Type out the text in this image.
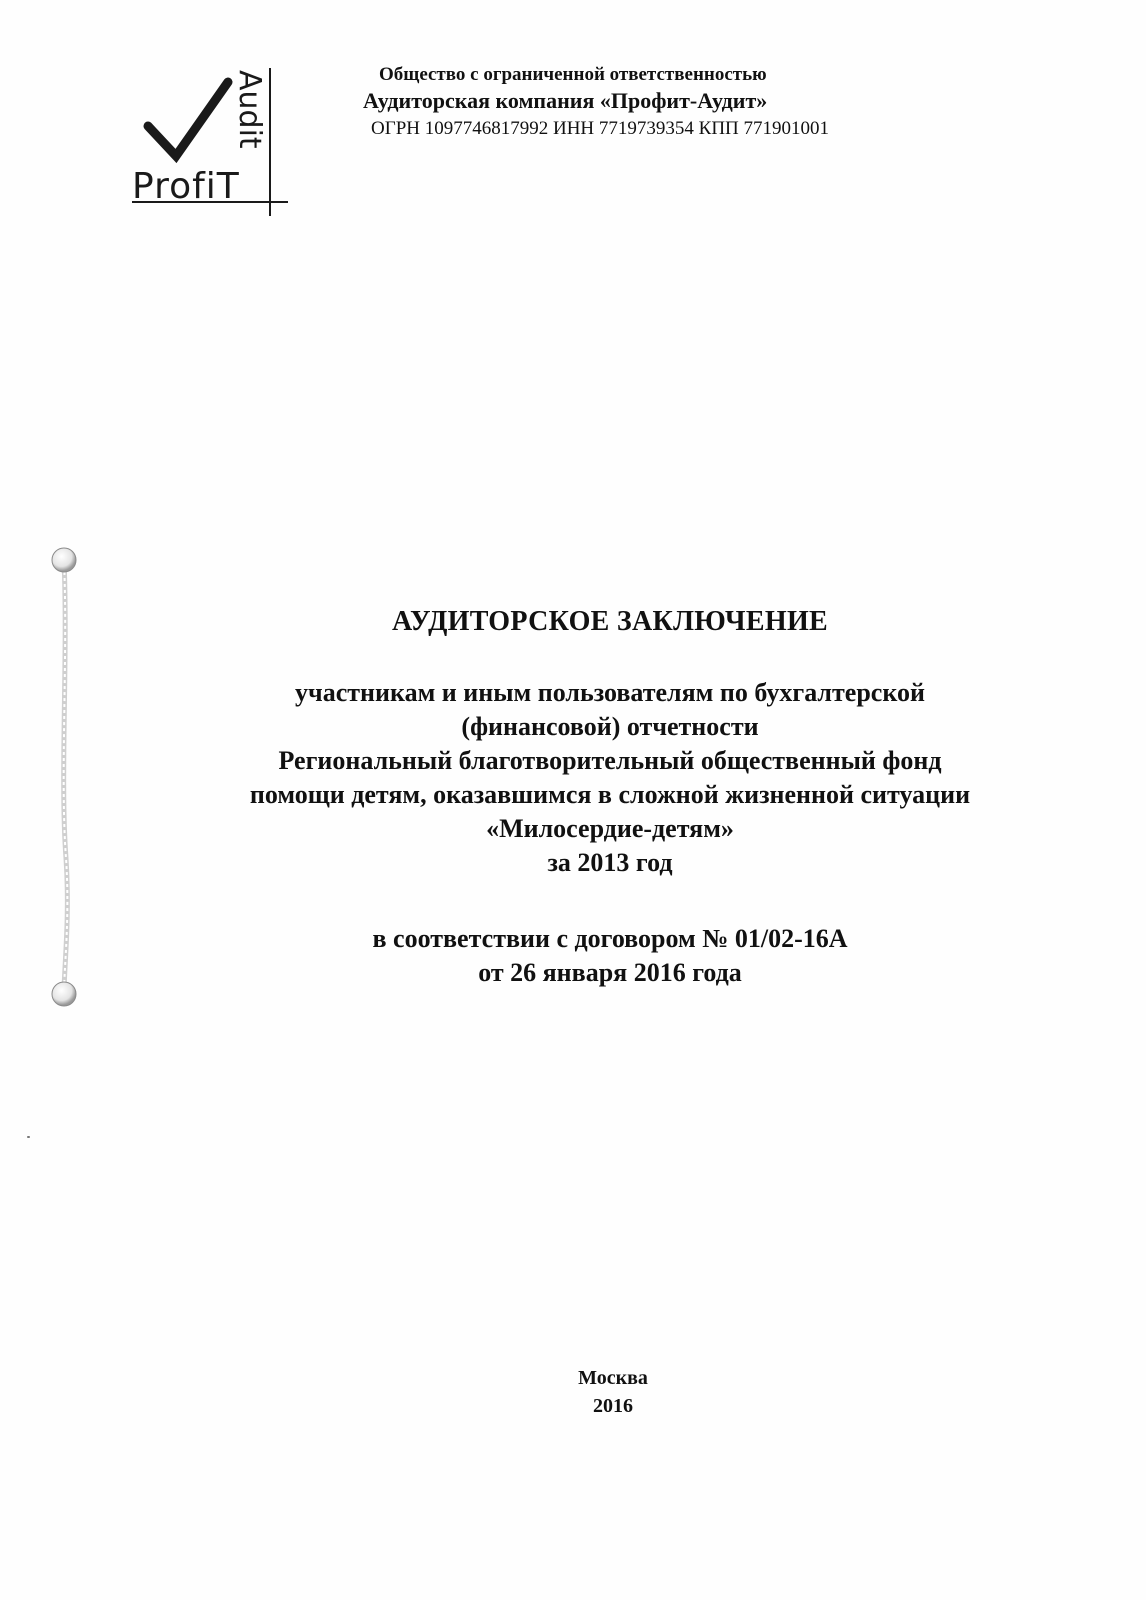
ProfiT
Audit	Общество с ограниченной ответственностью
Аудиторская компания «Профит-Аудит»
ОГРН 1097746817992 ИНН 7719739354 КПП 771901001
АУДИТОРСКОЕ ЗАКЛЮЧЕНИЕ
участникам и иным пользователям по бухгалтерской
(финансовой) отчетности
Региональный благотворительный общественный фонд
помощи детям, оказавшимся в сложной жизненной ситуации
«Милосердие-детям»
за 2013 год
в соответствии с договором № 01/02-16А
от 26 января 2016 года
Москва
2016
